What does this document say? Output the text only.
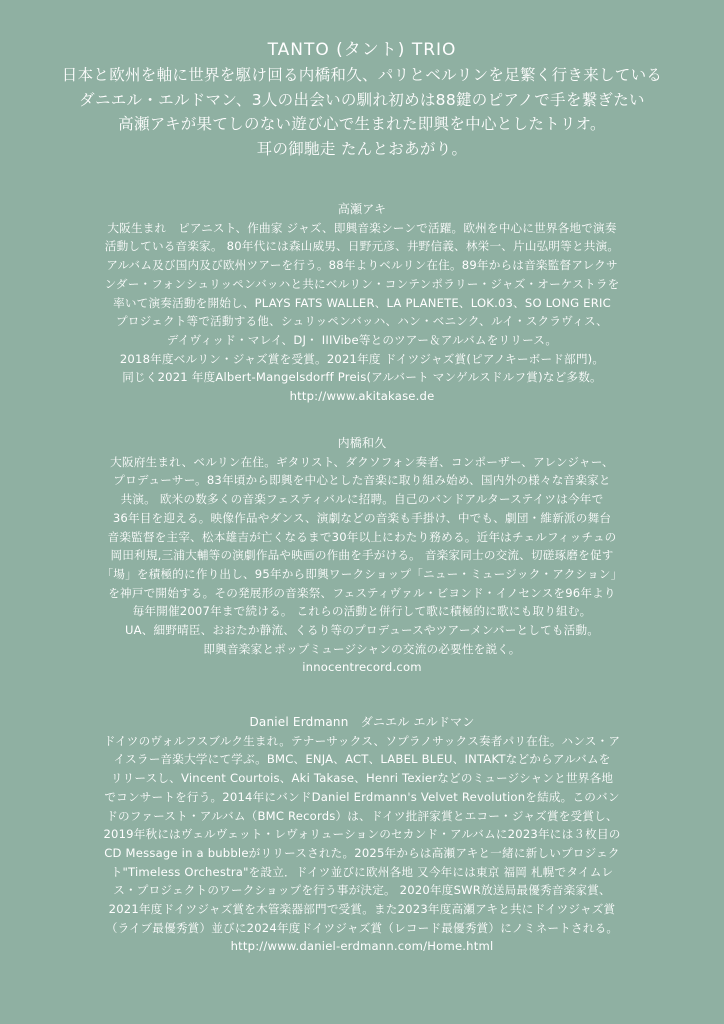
TANTO (タント) TRIO
日本と欧州を軸に世界を駆け回る内橋和久、パリとベルリンを足繁く行き来している
ダニエル・エルドマン、3人の出会いの馴れ初めは88鍵のピアノで手を繋ぎたい
高瀬アキが果てしのない遊び心で生まれた即興を中心としたトリオ。
耳の御馳走 たんとおあがり。
高瀬アキ
大阪生まれ　ピアニスト、作曲家 ジャズ、即興音楽シーンで活躍。欧州を中心に世界各地で演奏
活動している音楽家。 80年代には森山威男、日野元彦、井野信義、林栄一、片山弘明等と共演。
アルバム及び国内及び欧州ツアーを行う。88年よりベルリン在住。89年からは音楽監督アレクサ
ンダー・フォンシュリッペンバッハと共にベルリン・コンテンポラリー・ジャズ・オーケストラを
率いて演奏活動を開始し、PLAYS FATS WALLER、LA PLANETE、LOK.03、SO LONG ERIC
プロジェクト等で活動する他、シュリッペンバッハ、ハン・ベニンク、ルイ・スクラヴィス、
デイヴィッド・マレイ、DJ・ IIIVibe等とのツアー＆アルバムをリリース。
2018年度ベルリン・ジャズ賞を受賞。2021年度 ドイツジャズ賞(ピアノキーボード部門)。
同じく2021 年度Albert-Mangelsdorff Preis(アルバート マンゲルスドルフ賞)など多数。
http://www.akitakase.de
内橋和久
大阪府生まれ、ベルリン在住。ギタリスト、ダクソフォン奏者、コンポーザー、アレンジャー、
プロデューサー。83年頃から即興を中心とした音楽に取り組み始め、国内外の様々な音楽家と
共演。 欧米の数多くの音楽フェスティバルに招聘。自己のバンドアルターステイツは今年で
36年目を迎える。映像作品やダンス、演劇などの音楽も手掛け、中でも、劇団・維新派の舞台
音楽監督を主宰、松本雄吉が亡くなるまで30年以上にわたり務める。近年はチェルフィッチュの
岡田利規,三浦大輔等の演劇作品や映画の作曲を手がける。 音楽家同士の交流、切磋琢磨を促す
「場」を積極的に作り出し、95年から即興ワークショップ「ニュー・ミュージック・アクション」
を神戸で開始する。その発展形の音楽祭、フェスティヴァル・ビヨンド・イノセンスを96年より
毎年開催2007年まで続ける。 これらの活動と併行して歌に積極的に歌にも取り組む。
UA、細野晴臣、おおたか静流、くるり等のプロデュースやツアーメンバーとしても活動。
即興音楽家とポップミュージシャンの交流の必要性を説く。
innocentrecord.com
Daniel Erdmann　ダニエル エルドマン
ドイツのヴォルフスブルク生まれ。テナーサックス、ソプラノサックス奏者パリ在住。ハンス・ア
イスラー音楽大学にて学ぶ。BMC、ENJA、ACT、LABEL BLEU、INTAKTなどからアルバムを
リリースし、Vincent Courtois、Aki Takase、Henri Texierなどのミュージシャンと世界各地
でコンサートを行う。2014年にバンドDaniel Erdmann's Velvet Revolutionを結成。このバン
ドのファースト・アルバム（BMC Records）は、ドイツ批評家賞とエコー・ジャズ賞を受賞し、
2019年秋にはヴェルヴェット・レヴォリューションのセカンド・アルバムに2023年には３枚目の
CD Message in a bubbleがリリースされた。2025年からは高瀬アキと一緒に新しいプロジェク
ト"Timeless Orchestra"を設立．ドイツ並びに欧州各地 又今年には東京 福岡 札幌でタイムレ
ス・プロジェクトのワークショップを行う事が決定。 2020年度SWR放送局最優秀音楽家賞、
2021年度ドイツジャズ賞を木管楽器部門で受賞。また2023年度高瀬アキと共にドイツジャズ賞
（ライブ最優秀賞）並びに2024年度ドイツジャズ賞（レコード最優秀賞）にノミネートされる。
http://www.daniel-erdmann.com/Home.html
